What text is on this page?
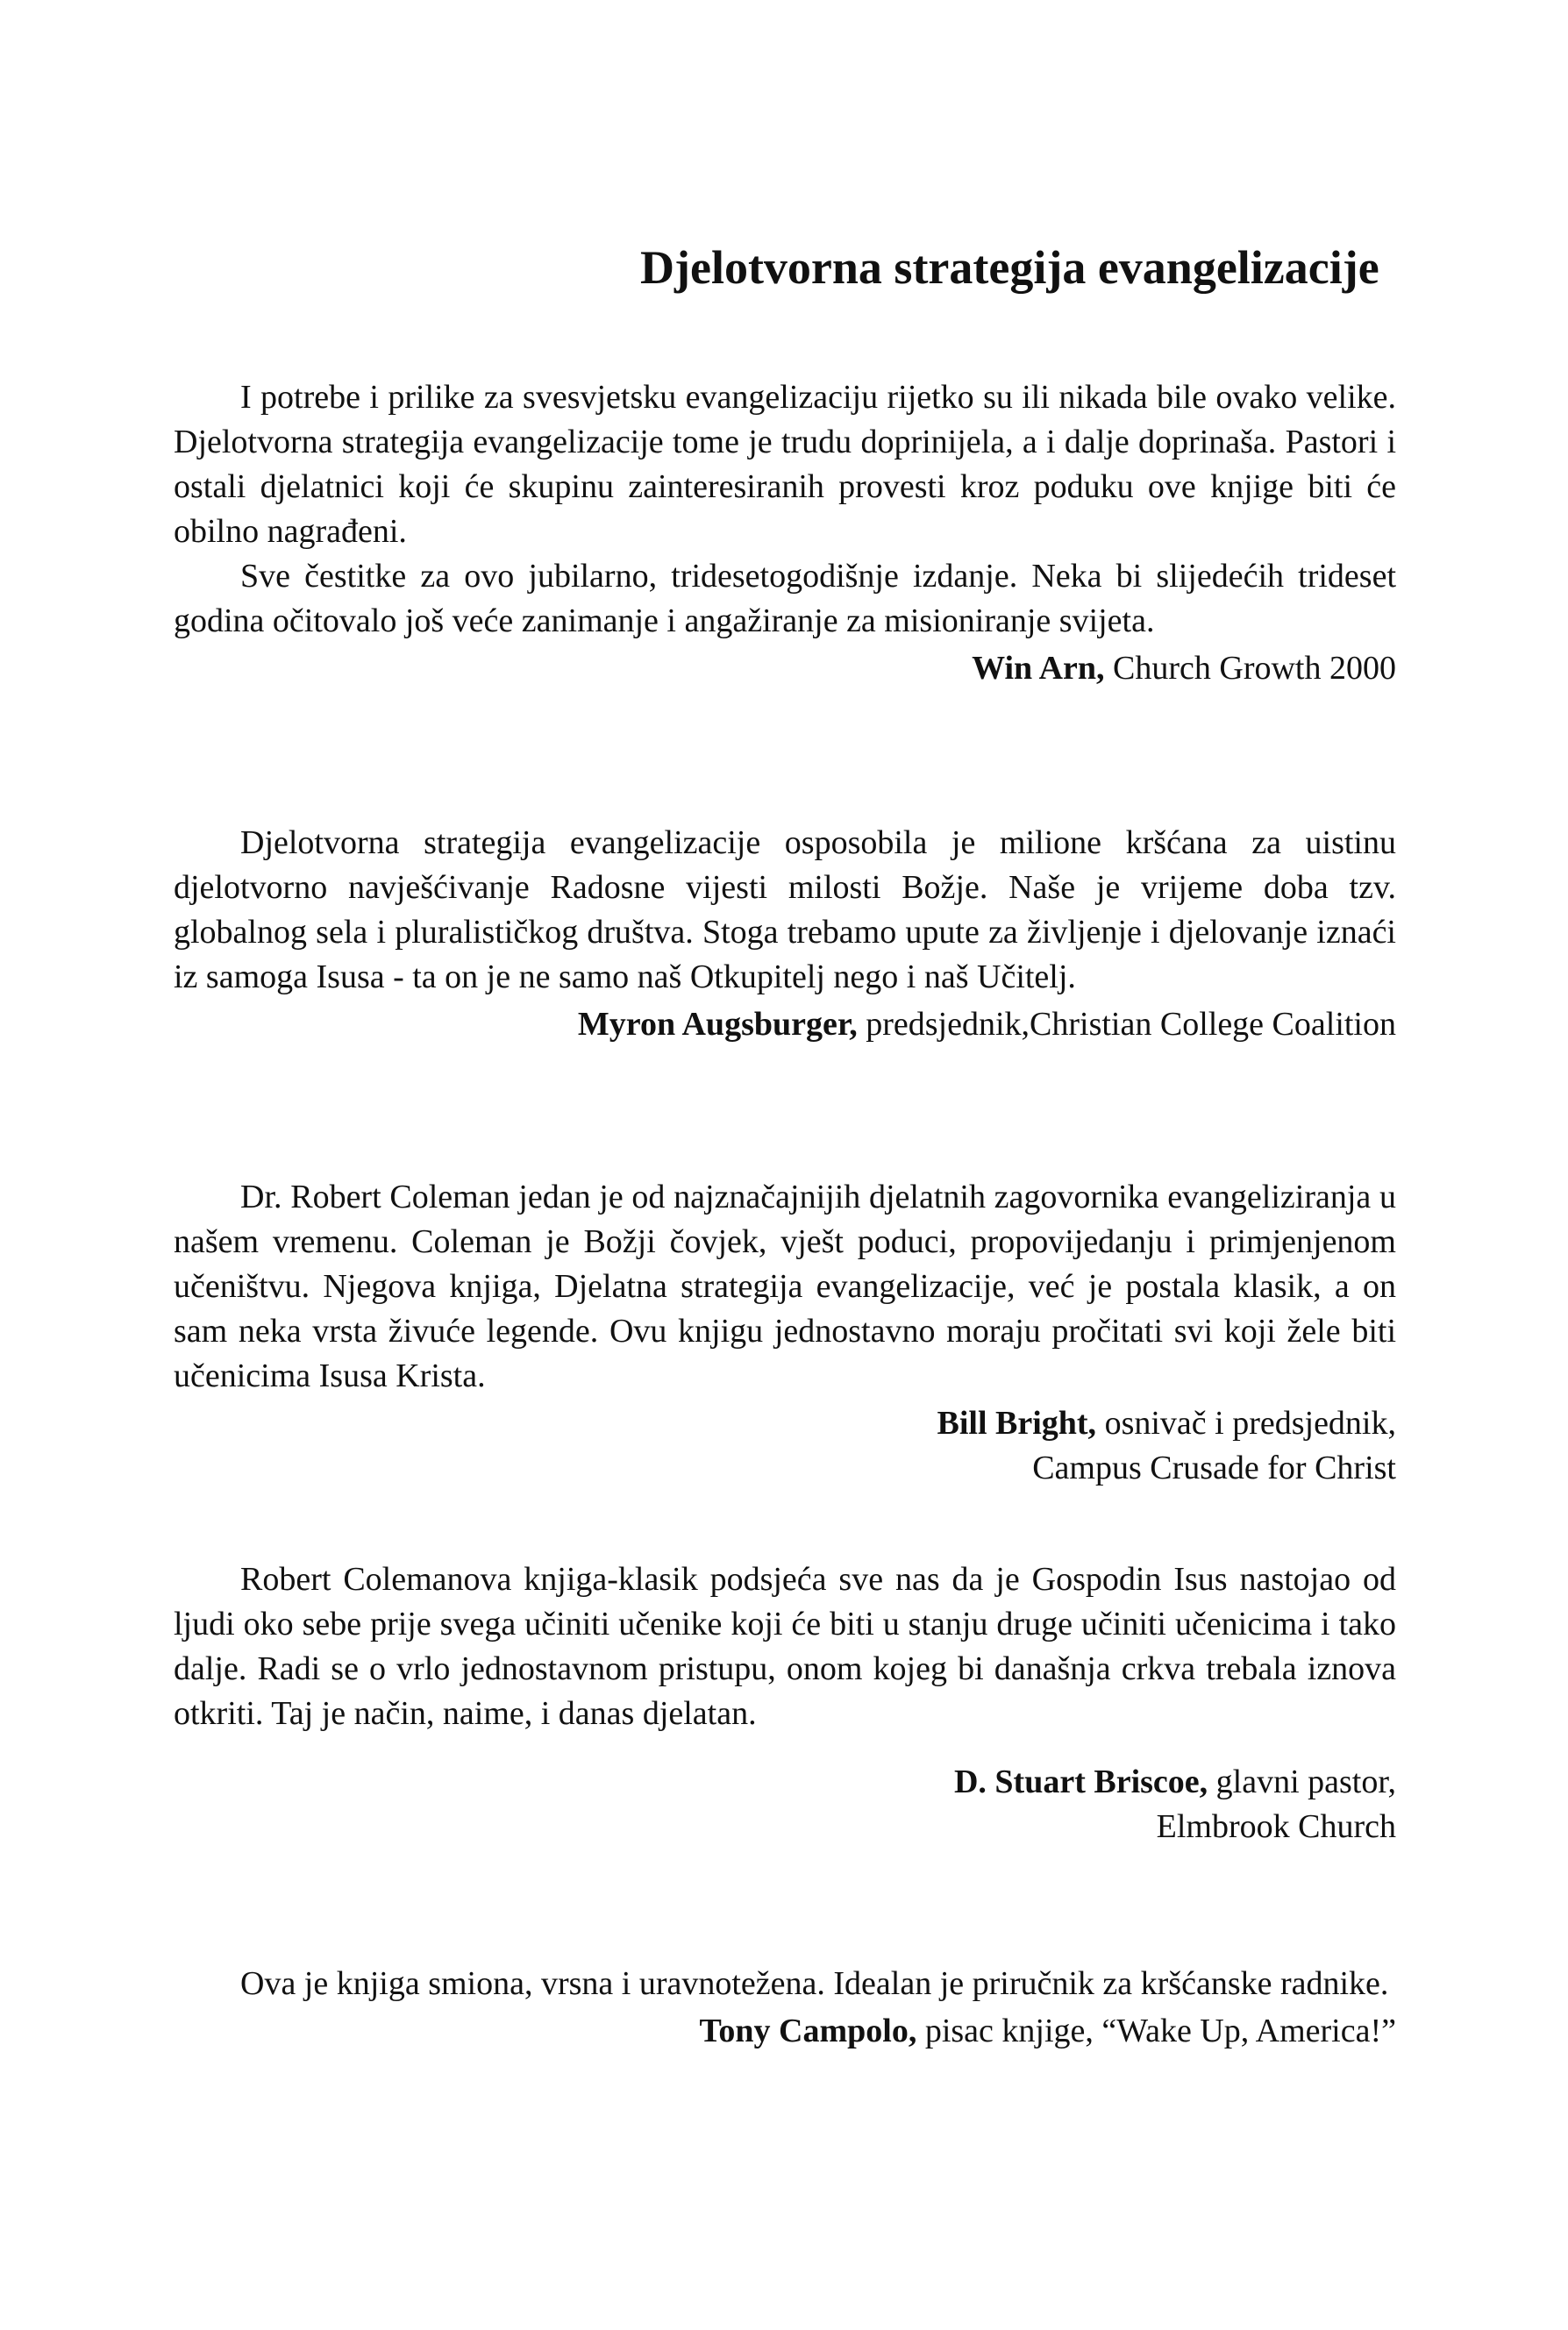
Djelotvorna strategija evangelizacije

I potrebe i prilike za svesvjetsku evangelizaciju rijetko su ili nikada bile ovako velike. Djelotvorna strategija evangelizacije tome je trudu doprinijela, a i dalje doprinaša. Pastori i ostali djelatnici koji će skupinu zainteresiranih provesti kroz poduku ove knjige biti će obilno nagrađeni.

Sve čestitke za ovo jubilarno, tridesetogodišnje izdanje. Neka bi slijedećih trideset godina očitovalo još veće zanimanje i angažiranje za misioniranje svijeta.

Win Arn, Church Growth 2000

Djelotvorna strategija evangelizacije osposobila je milione kršćana za uistinu djelotvorno navješćivanje Radosne vijesti milosti Božje. Naše je vrijeme doba tzv. globalnog sela i pluralističkog društva. Stoga trebamo upute za življenje i djelovanje iznaći iz samoga Isusa - ta on je ne samo naš Otkupitelj nego i naš Učitelj.

Myron Augsburger, predsjednik,Christian College Coalition

Dr. Robert Coleman jedan je od najznačajnijih djelatnih zagovornika evangeliziranja u našem vremenu. Coleman je Božji čovjek, vješt poduci, propovijedanju i primjenjenom učeništvu. Njegova knjiga, Djelatna strategija evangelizacije, već je postala klasik, a on sam neka vrsta živuće legende. Ovu knjigu jednostavno moraju pročitati svi koji žele biti učenicima Isusa Krista.

Bill Bright, osnivač i predsjednik,
Campus Crusade for Christ

Robert Colemanova knjiga-klasik podsjeća sve nas da je Gospodin Isus nastojao od ljudi oko sebe prije svega učiniti učenike koji će biti u stanju druge učiniti učenicima i tako dalje. Radi se o vrlo jednostavnom pristupu, onom kojeg bi današnja crkva trebala iznova otkriti. Taj je način, naime, i danas djelatan.

D. Stuart Briscoe, glavni pastor,
Elmbrook Church

Ova je knjiga smiona, vrsna i uravnotežena. Idealan je priručnik za kršćanske radnike.

Tony Campolo, pisac knjige, “Wake Up, America!”
